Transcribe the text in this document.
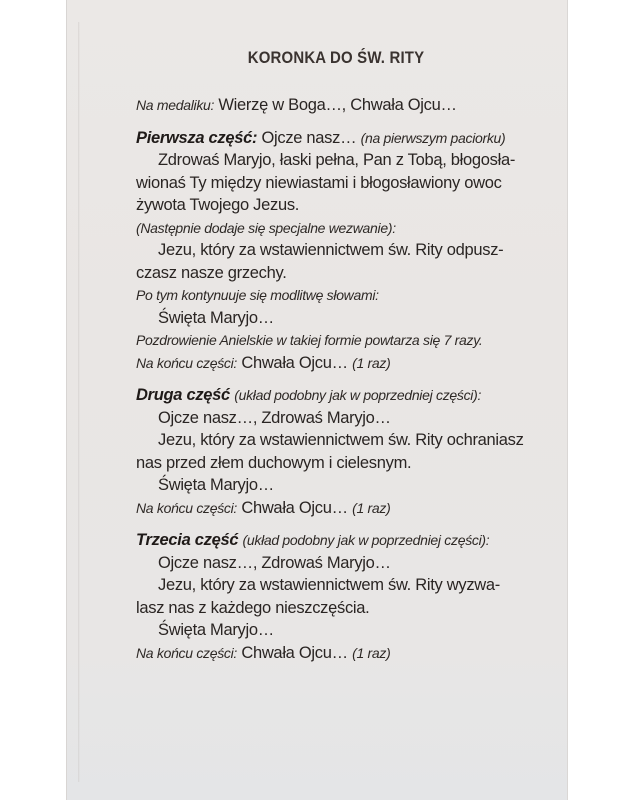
KORONKA DO ŚW. RITY
Na medaliku: Wierzę w Boga…, Chwała Ojcu…
Pierwsza część: Ojcze nasz… (na pierwszym paciorku)
Zdrowaś Maryjo, łaski pełna, Pan z Tobą, błogosła-
wionaś Ty między niewiastami i błogosławiony owoc
żywota Twojego Jezus.
(Następnie dodaje się specjalne wezwanie):
Jezu, który za wstawiennictwem św. Rity odpusz-
czasz nasze grzechy.
Po tym kontynuuje się modlitwę słowami:
Święta Maryjo…
Pozdrowienie Anielskie w takiej formie powtarza się 7 razy.
Na końcu części: Chwała Ojcu… (1 raz)
Druga część (układ podobny jak w poprzedniej części):
Ojcze nasz…, Zdrowaś Maryjo…
Jezu, który za wstawiennictwem św. Rity ochraniasz
nas przed złem duchowym i cielesnym.
Święta Maryjo…
Na końcu części: Chwała Ojcu… (1 raz)
Trzecia część (układ podobny jak w poprzedniej części):
Ojcze nasz…, Zdrowaś Maryjo…
Jezu, który za wstawiennictwem św. Rity wyzwa-
lasz nas z każdego nieszczęścia.
Święta Maryjo…
Na końcu części: Chwała Ojcu… (1 raz)
